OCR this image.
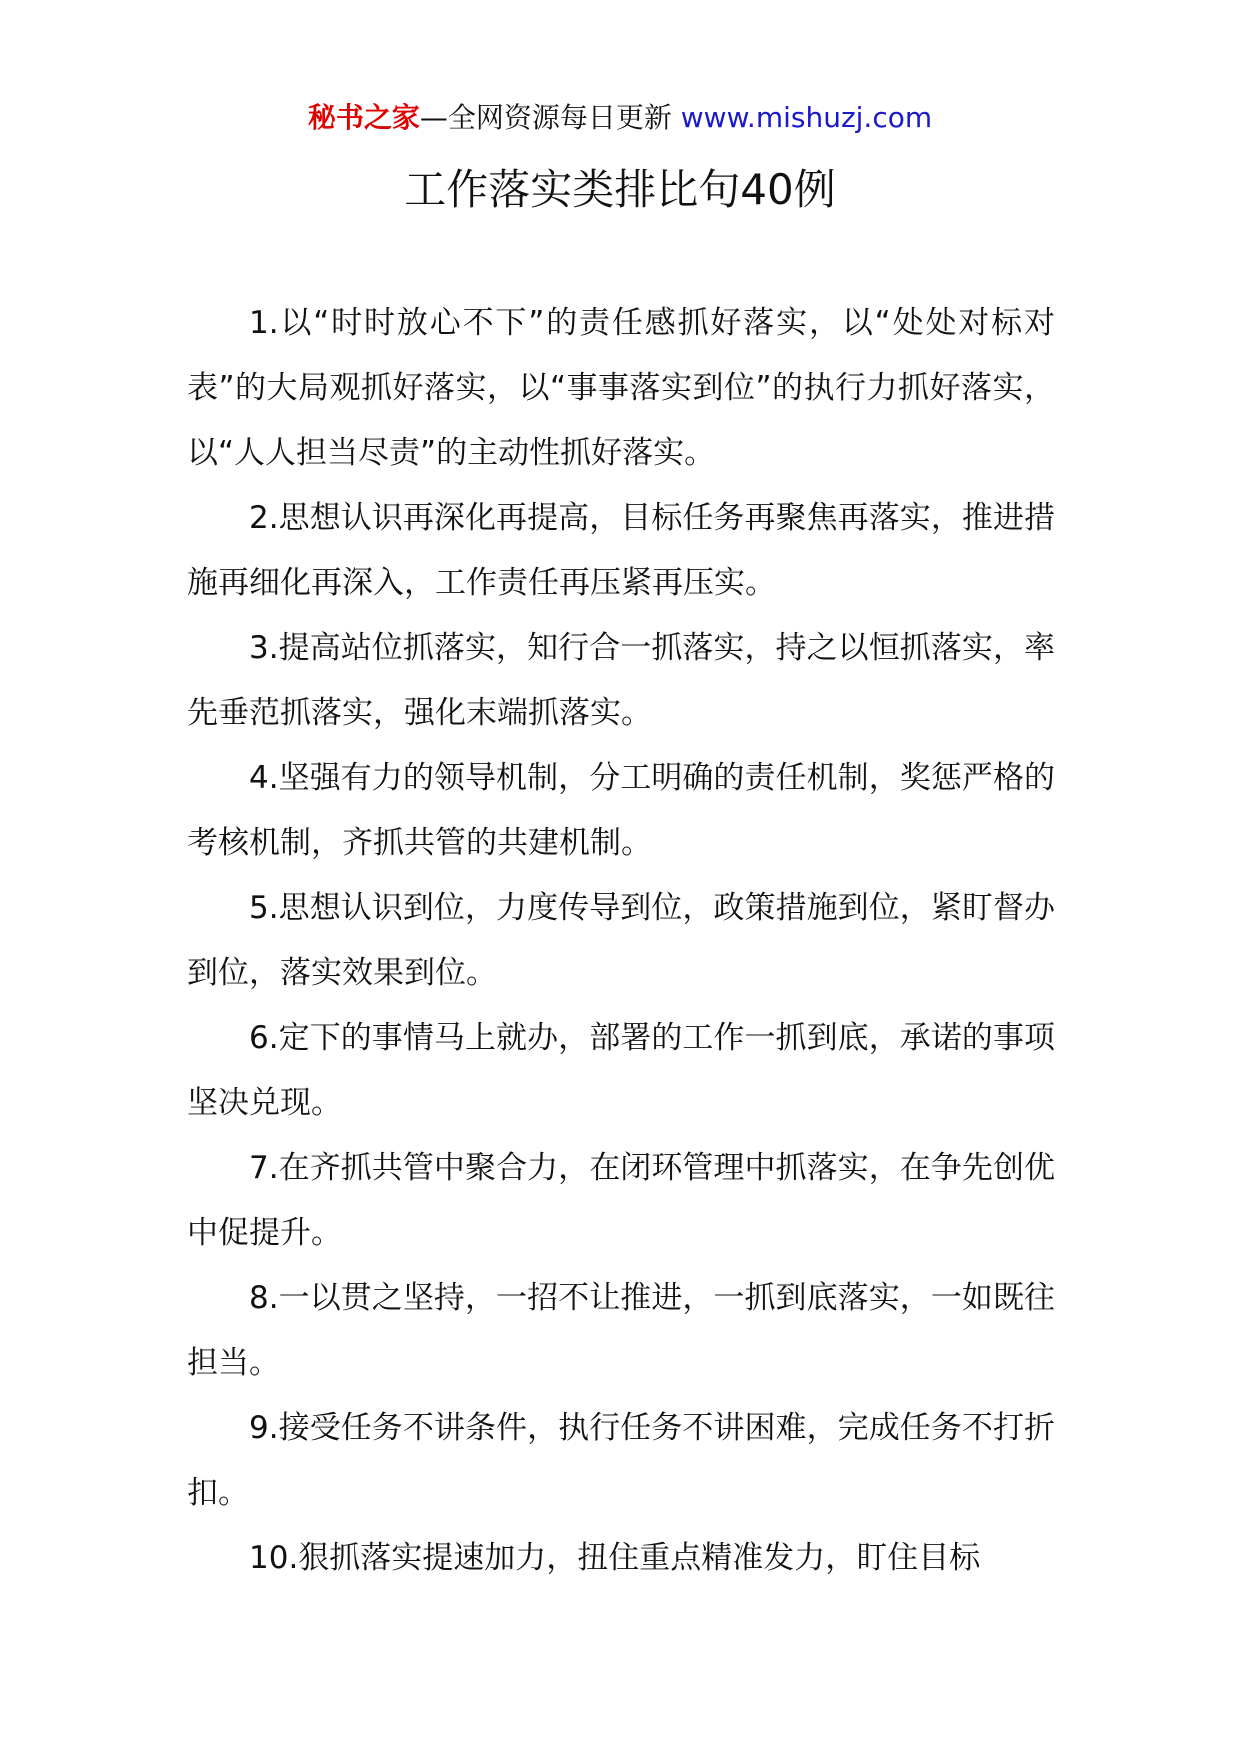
秘书之家—全网资源每日更新 www.mishuzj.com
工作落实类排比句40例

1.以“时时放心不下”的责任感抓好落实，以“处处对标对表”的大局观抓好落实，以“事事落实到位”的执行力抓好落实，以“人人担当尽责”的主动性抓好落实。

2.思想认识再深化再提高，目标任务再聚焦再落实，推进措施再细化再深入，工作责任再压紧再压实。

3.提高站位抓落实，知行合一抓落实，持之以恒抓落实，率先垂范抓落实，强化末端抓落实。

4.坚强有力的领导机制，分工明确的责任机制，奖惩严格的考核机制，齐抓共管的共建机制。

5.思想认识到位，力度传导到位，政策措施到位，紧盯督办到位，落实效果到位。

6.定下的事情马上就办，部署的工作一抓到底，承诺的事项坚决兑现。

7.在齐抓共管中聚合力，在闭环管理中抓落实，在争先创优中促提升。

8.一以贯之坚持，一招不让推进，一抓到底落实，一如既往担当。

9.接受任务不讲条件，执行任务不讲困难，完成任务不打折扣。

10.狠抓落实提速加力，扭住重点精准发力，盯住目标
